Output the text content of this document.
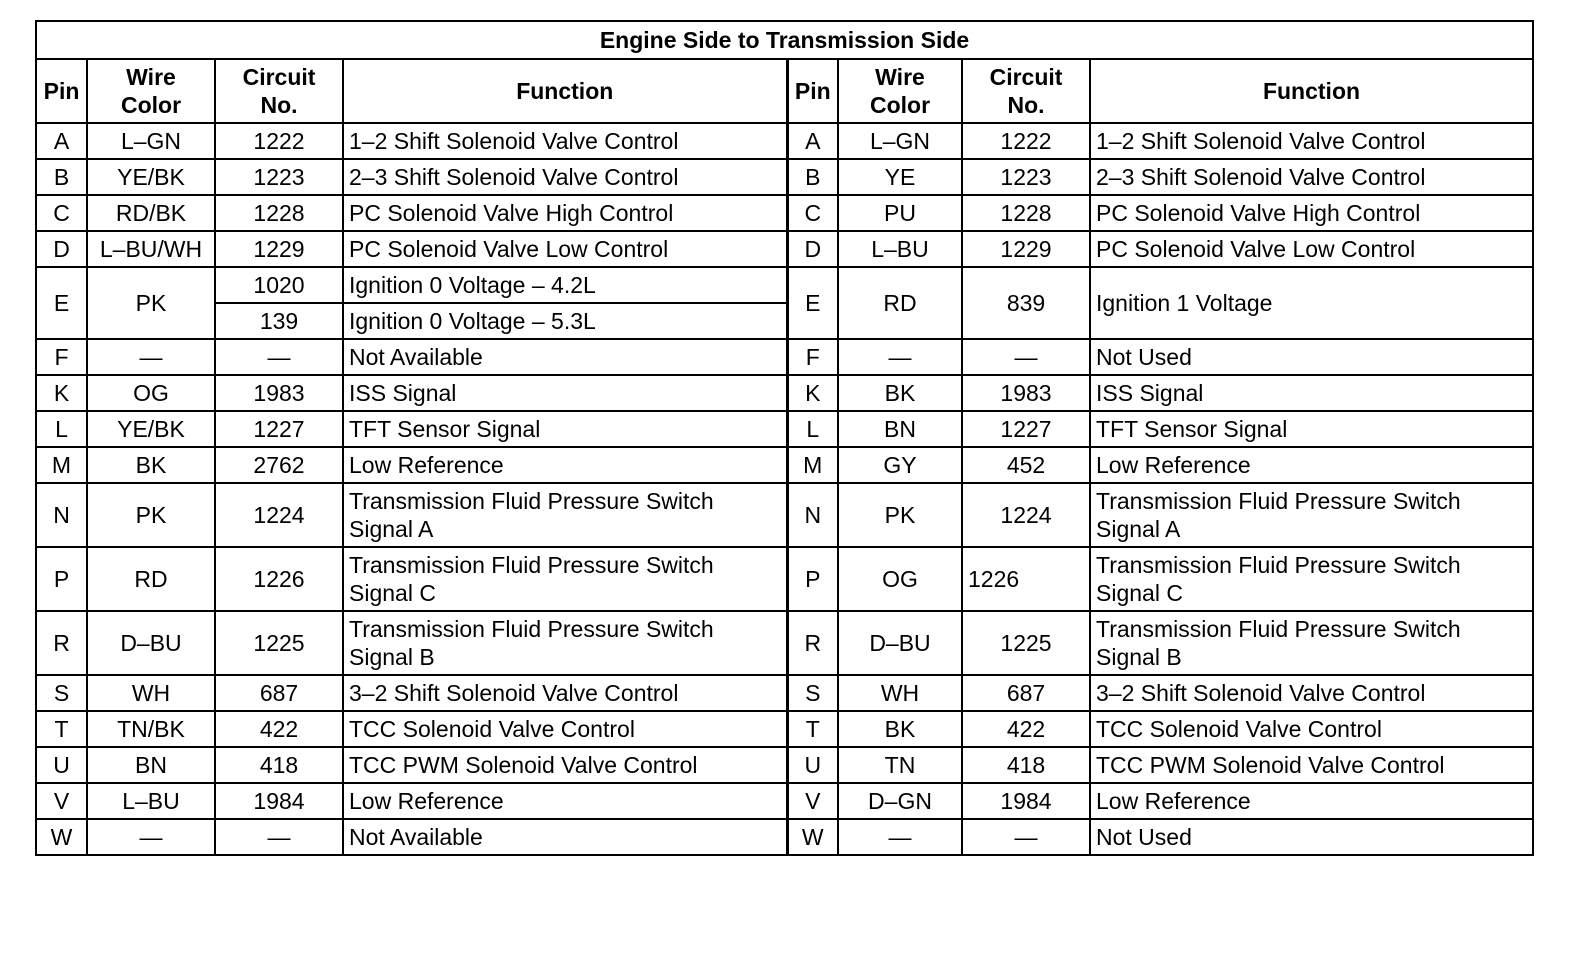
Engine Side to Transmission Side							
Pin	Wire Color	Circuit No.	Function	Pin	Wire Color	Circuit No.	Function
A	L–GN	1222	1–2 Shift Solenoid Valve Control	A	L–GN	1222	1–2 Shift Solenoid Valve Control
B	YE/BK	1223	2–3 Shift Solenoid Valve Control	B	YE	1223	2–3 Shift Solenoid Valve Control
C	RD/BK	1228	PC Solenoid Valve High Control	C	PU	1228	PC Solenoid Valve High Control
D	L–BU/WH	1229	PC Solenoid Valve Low Control	D	L–BU	1229	PC Solenoid Valve Low Control
E	PK	1020	Ignition 0 Voltage – 4.2L	E	RD	839	Ignition 1 Voltage
		139	Ignition 0 Voltage – 5.3L				
F	—	—	Not Available	F	—	—	Not Used
K	OG	1983	ISS Signal	K	BK	1983	ISS Signal
L	YE/BK	1227	TFT Sensor Signal	L	BN	1227	TFT Sensor Signal
M	BK	2762	Low Reference	M	GY	452	Low Reference
N	PK	1224	Transmission Fluid Pressure Switch Signal A	N	PK	1224	Transmission Fluid Pressure Switch Signal A
P	RD	1226	Transmission Fluid Pressure Switch Signal C	P	OG	1226	Transmission Fluid Pressure Switch Signal C
R	D–BU	1225	Transmission Fluid Pressure Switch Signal B	R	D–BU	1225	Transmission Fluid Pressure Switch Signal B
S	WH	687	3–2 Shift Solenoid Valve Control	S	WH	687	3–2 Shift Solenoid Valve Control
T	TN/BK	422	TCC Solenoid Valve Control	T	BK	422	TCC Solenoid Valve Control
U	BN	418	TCC PWM Solenoid Valve Control	U	TN	418	TCC PWM Solenoid Valve Control
V	L–BU	1984	Low Reference	V	D–GN	1984	Low Reference
W	—	—	Not Available	W	—	—	Not Used
